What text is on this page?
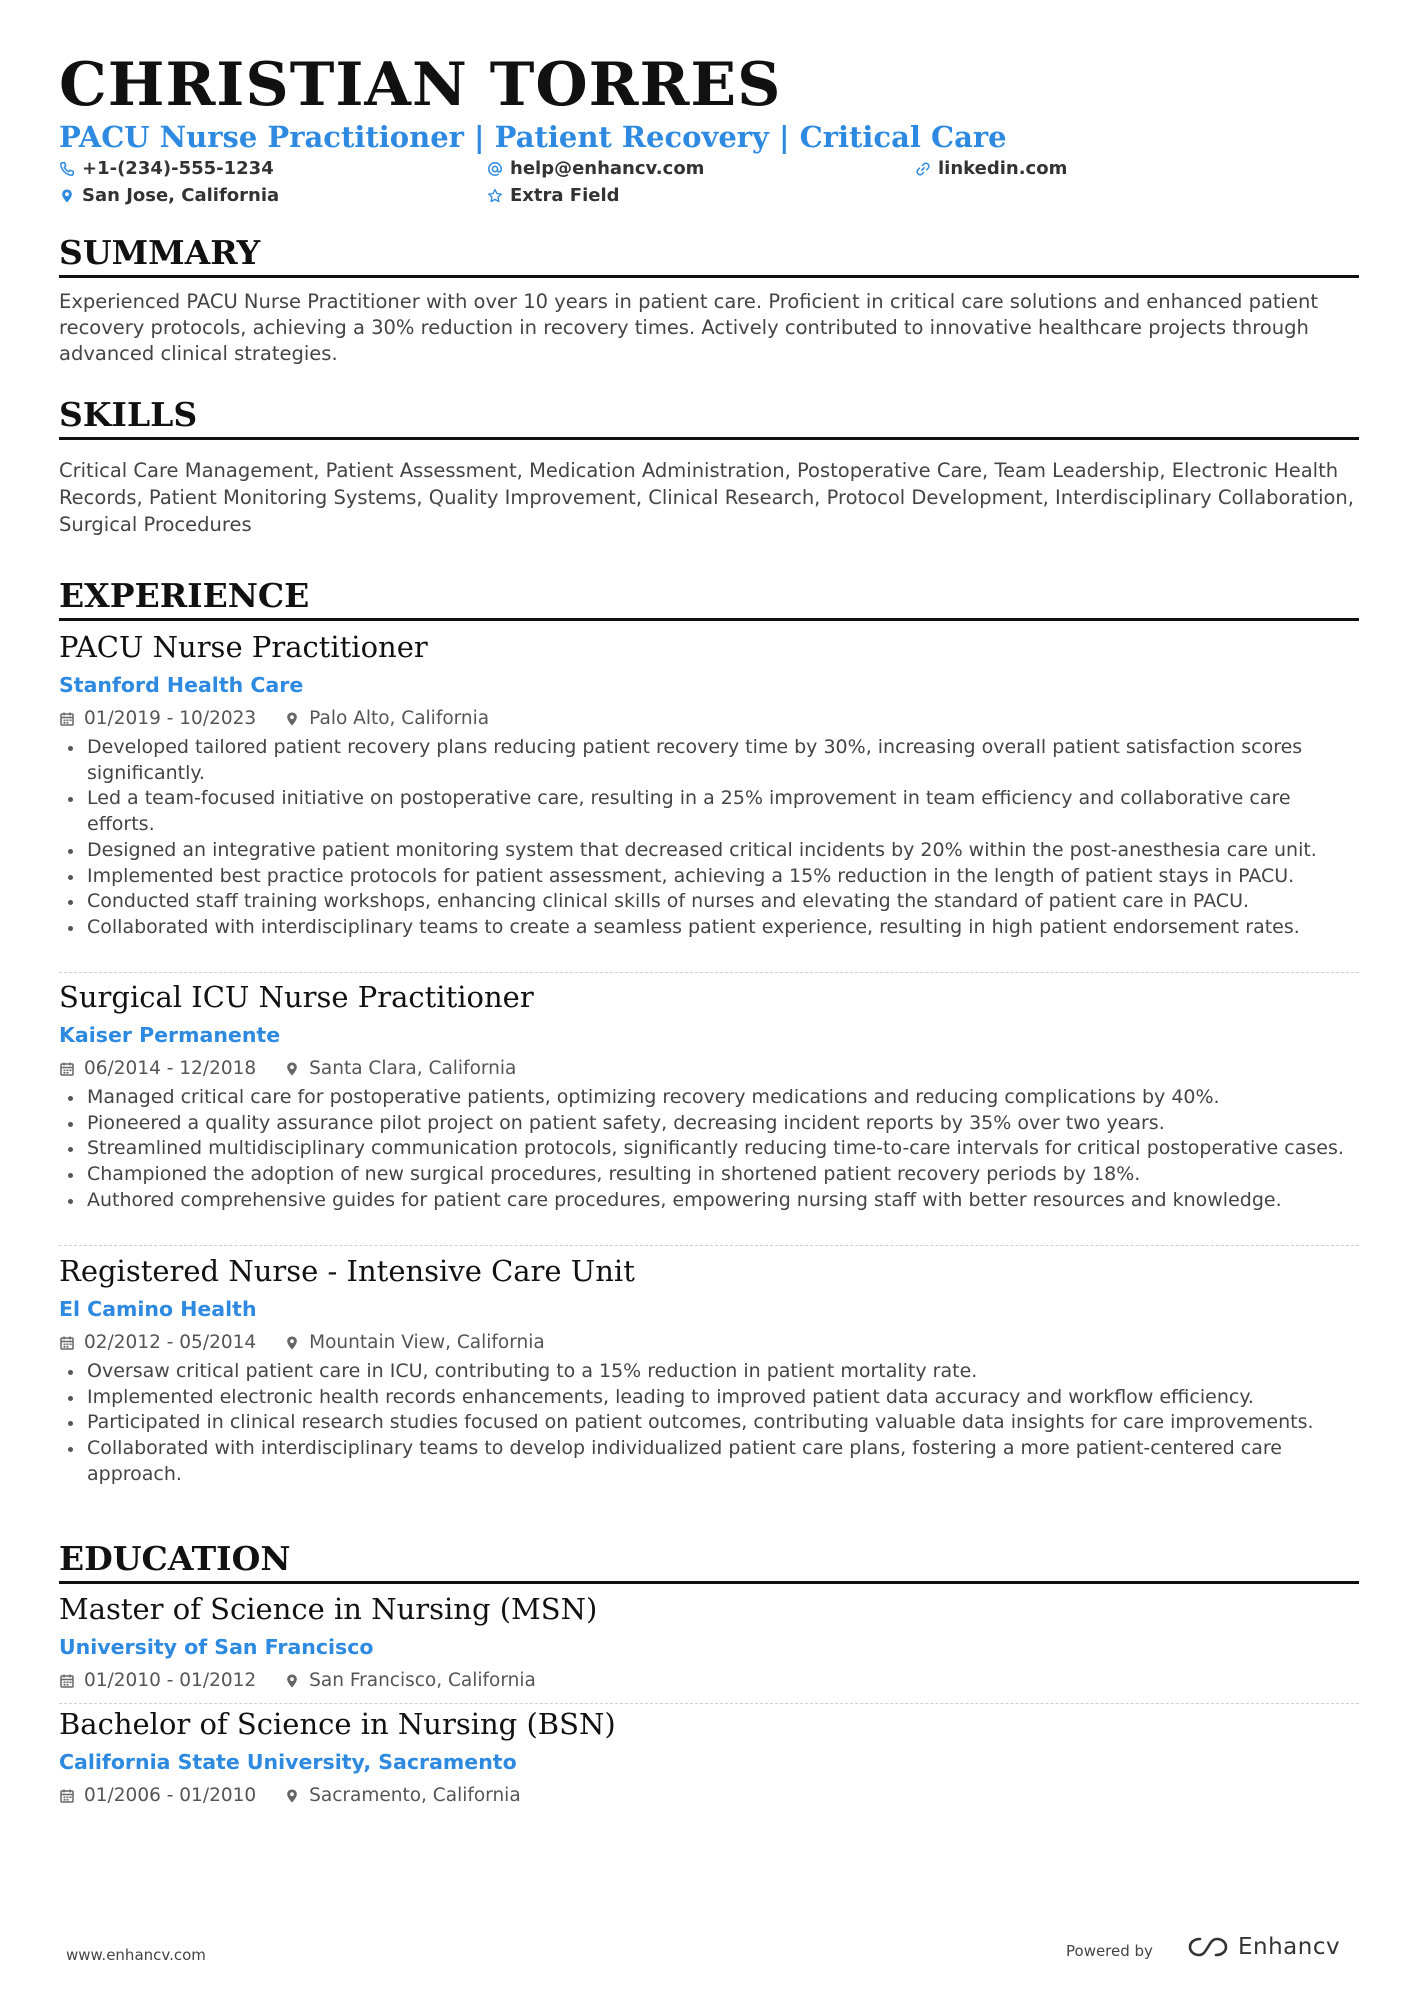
CHRISTIAN TORRES
PACU Nurse Practitioner | Patient Recovery | Critical Care
+1-(234)-555-1234	help@enhancv.com	linkedin.com
San Jose, California	Extra Field
SUMMARY
Experienced PACU Nurse Practitioner with over 10 years in patient care. Proficient in critical care solutions and enhanced patient recovery protocols, achieving a 30% reduction in recovery times. Actively contributed to innovative healthcare projects through advanced clinical strategies.
SKILLS
Critical Care Management, Patient Assessment, Medication Administration, Postoperative Care, Team Leadership, Electronic Health Records, Patient Monitoring Systems, Quality Improvement, Clinical Research, Protocol Development, Interdisciplinary Collaboration, Surgical Procedures
EXPERIENCE
PACU Nurse Practitioner
Stanford Health Care
01/2019 - 10/2023	Palo Alto, California
Developed tailored patient recovery plans reducing patient recovery time by 30%, increasing overall patient satisfaction scores significantly.
Led a team-focused initiative on postoperative care, resulting in a 25% improvement in team efficiency and collaborative care efforts.
Designed an integrative patient monitoring system that decreased critical incidents by 20% within the post-anesthesia care unit.
Implemented best practice protocols for patient assessment, achieving a 15% reduction in the length of patient stays in PACU.
Conducted staff training workshops, enhancing clinical skills of nurses and elevating the standard of patient care in PACU.
Collaborated with interdisciplinary teams to create a seamless patient experience, resulting in high patient endorsement rates.
Surgical ICU Nurse Practitioner
Kaiser Permanente
06/2014 - 12/2018	Santa Clara, California
Managed critical care for postoperative patients, optimizing recovery medications and reducing complications by 40%.
Pioneered a quality assurance pilot project on patient safety, decreasing incident reports by 35% over two years.
Streamlined multidisciplinary communication protocols, significantly reducing time-to-care intervals for critical postoperative cases.
Championed the adoption of new surgical procedures, resulting in shortened patient recovery periods by 18%.
Authored comprehensive guides for patient care procedures, empowering nursing staff with better resources and knowledge.
Registered Nurse - Intensive Care Unit
El Camino Health
02/2012 - 05/2014	Mountain View, California
Oversaw critical patient care in ICU, contributing to a 15% reduction in patient mortality rate.
Implemented electronic health records enhancements, leading to improved patient data accuracy and workflow efficiency.
Participated in clinical research studies focused on patient outcomes, contributing valuable data insights for care improvements.
Collaborated with interdisciplinary teams to develop individualized patient care plans, fostering a more patient-centered care approach.
EDUCATION
Master of Science in Nursing (MSN)
University of San Francisco
01/2010 - 01/2012	San Francisco, California
Bachelor of Science in Nursing (BSN)
California State University, Sacramento
01/2006 - 01/2010	Sacramento, California
www.enhancv.com	Powered by	Enhancv
